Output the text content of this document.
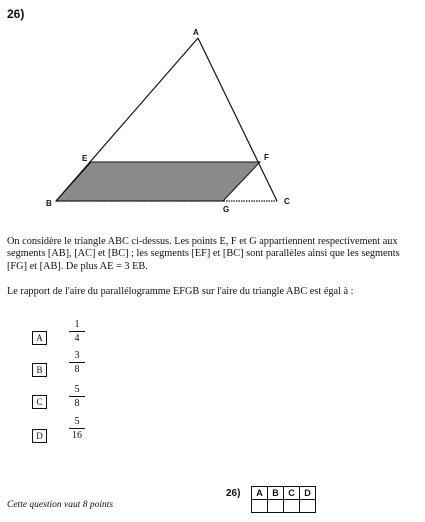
26)
A
B	C
E	F
G
On considère le triangle ABC ci-dessus. Les points E, F et G appartiennent respectivement aux segments [AB], [AC] et [BC] ; les segments [EF] et [BC] sont parallèles ainsi que les segments [FG] et [AB]. De plus AE = 3 EB.
Le rapport de l'aire du parallélogramme EFGB sur l'aire du triangle ABC est égal à :
A
1
4
B
3
8
C
5
8
D
5
16
Cette question vaut 8 points
26) A	B	C	D
